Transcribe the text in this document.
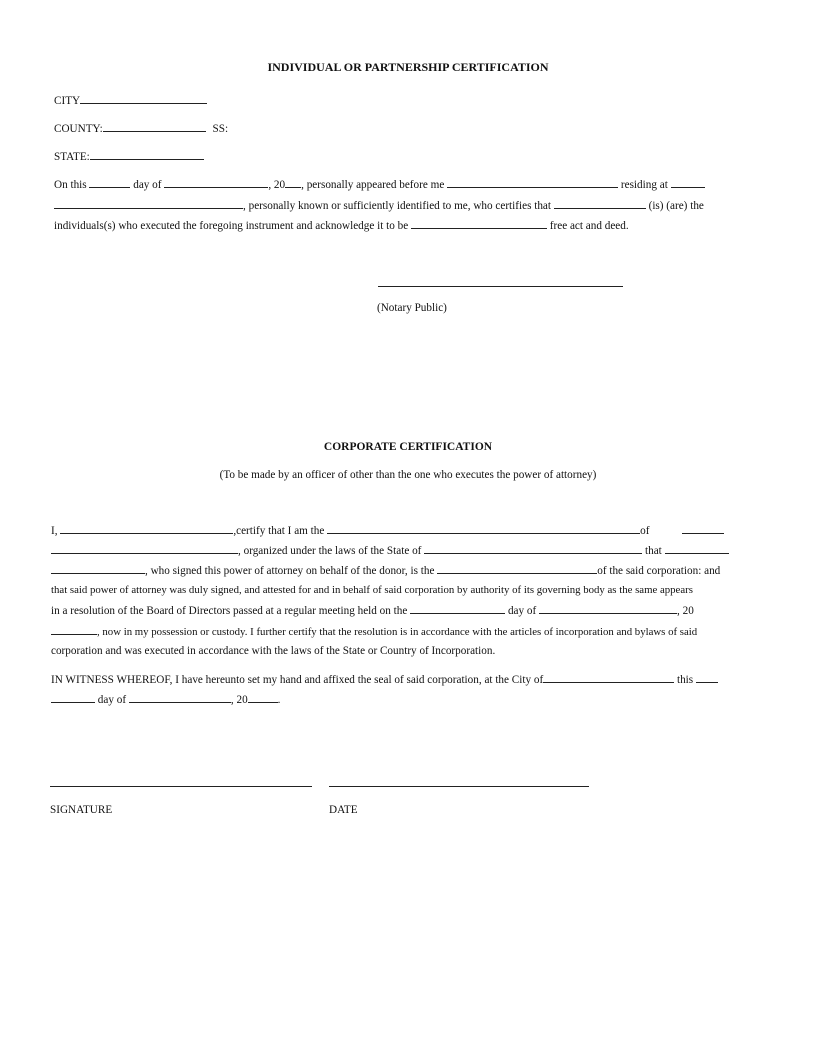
INDIVIDUAL OR PARTNERSHIP CERTIFICATION
CITY
COUNTY:	SS:
STATE:
On this	day of	, 20 , personally appeared before me	residing at
, personally known or sufficiently identified to me, who certifies that	(is) (are) the
individuals(s) who executed the foregoing instrument and acknowledge it to be	free act and deed.
(Notary Public)
CORPORATE CERTIFICATION
(To be made by an officer of other than the one who executes the power of attorney)
I,	,certify that I am the	of
, organized under the laws of the State of	that
, who signed this power of attorney on behalf of the donor, is the	of the said corporation: and
that said power of attorney was duly signed, and attested for and in behalf of said corporation by authority of its governing body as the same appears
in a resolution of the Board of Directors passed at a regular meeting held on the	day of	, 20
, now in my possession or custody. I further certify that the resolution is in accordance with the articles of incorporation and bylaws of said
corporation and was executed in accordance with the laws of the State or Country of Incorporation.
IN WITNESS WHEREOF, I have hereunto set my hand and affixed the seal of said corporation, at the City of	this
day of	, 20	.
SIGNATURE	DATE
